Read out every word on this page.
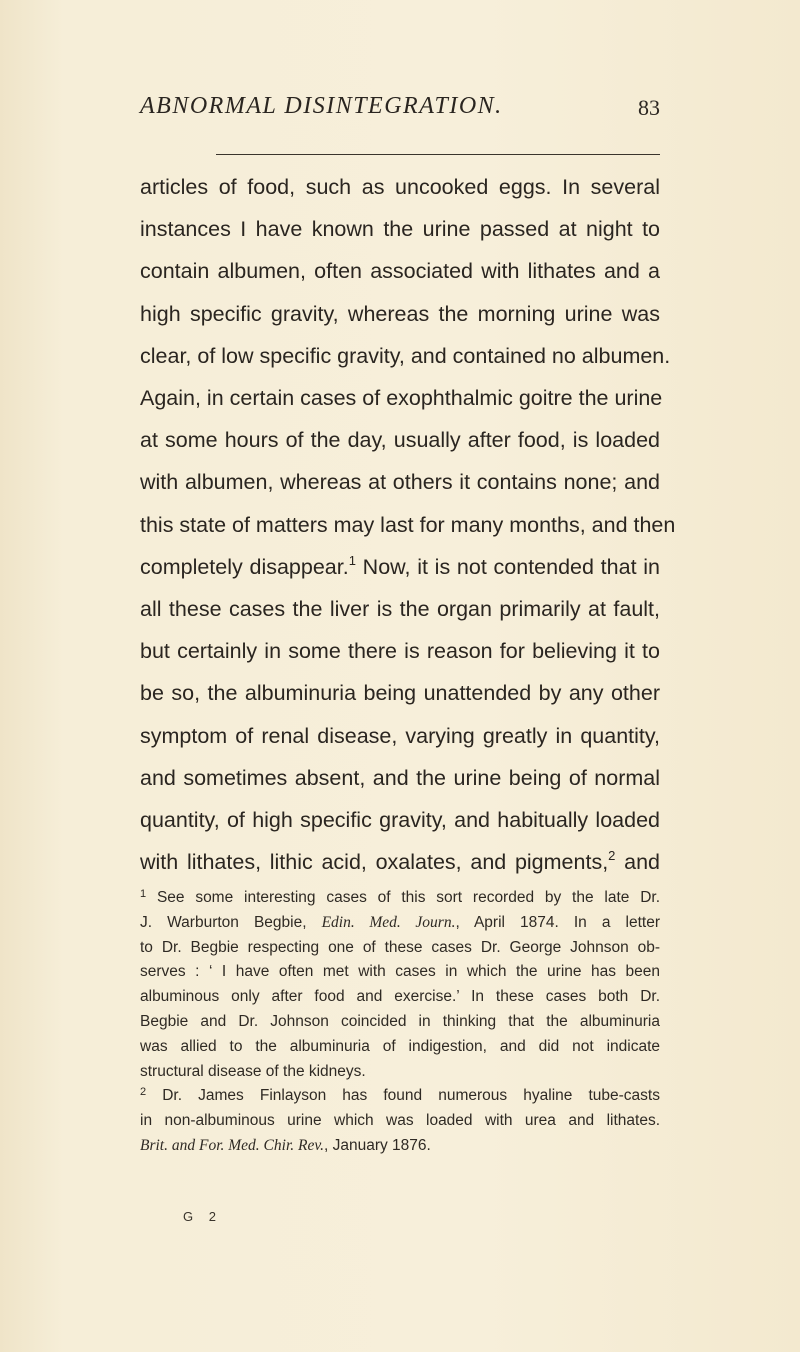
ABNORMAL DISINTEGRATION.	83
articles of food, such as uncooked eggs. In several
instances I have known the urine passed at night to
contain albumen, often associated with lithates and a
high specific gravity, whereas the morning urine was
clear, of low specific gravity, and contained no albumen.
Again, in certain cases of exophthalmic goitre the urine
at some hours of the day, usually after food, is loaded
with albumen, whereas at others it contains none; and
this state of matters may last for many months, and then
completely disappear.$^1$ Now, it is not contended that in
all these cases the liver is the organ primarily at fault,
but certainly in some there is reason for believing it to
be so, the albuminuria being unattended by any other
symptom of renal disease, varying greatly in quantity,
and sometimes absent, and the urine being of normal
quantity, of high specific gravity, and habitually loaded
with lithates, lithic acid, oxalates, and pigments,$^2$ and
$^1$ See some interesting cases of this sort recorded by the late Dr.
J. Warburton Begbie, Edin. Med. Journ., April 1874. In a letter
to Dr. Begbie respecting one of these cases Dr. George Johnson ob-
serves : ‘ I have often met with cases in which the urine has been
albuminous only after food and exercise.’ In these cases both Dr.
Begbie and Dr. Johnson coincided in thinking that the albuminuria
was allied to the albuminuria of indigestion, and did not indicate
structural disease of the kidneys.
$^2$ Dr. James Finlayson has found numerous hyaline tube-casts
in non-albuminous urine which was loaded with urea and lithates.
Brit. and For. Med. Chir. Rev., January 1876.
G 2
